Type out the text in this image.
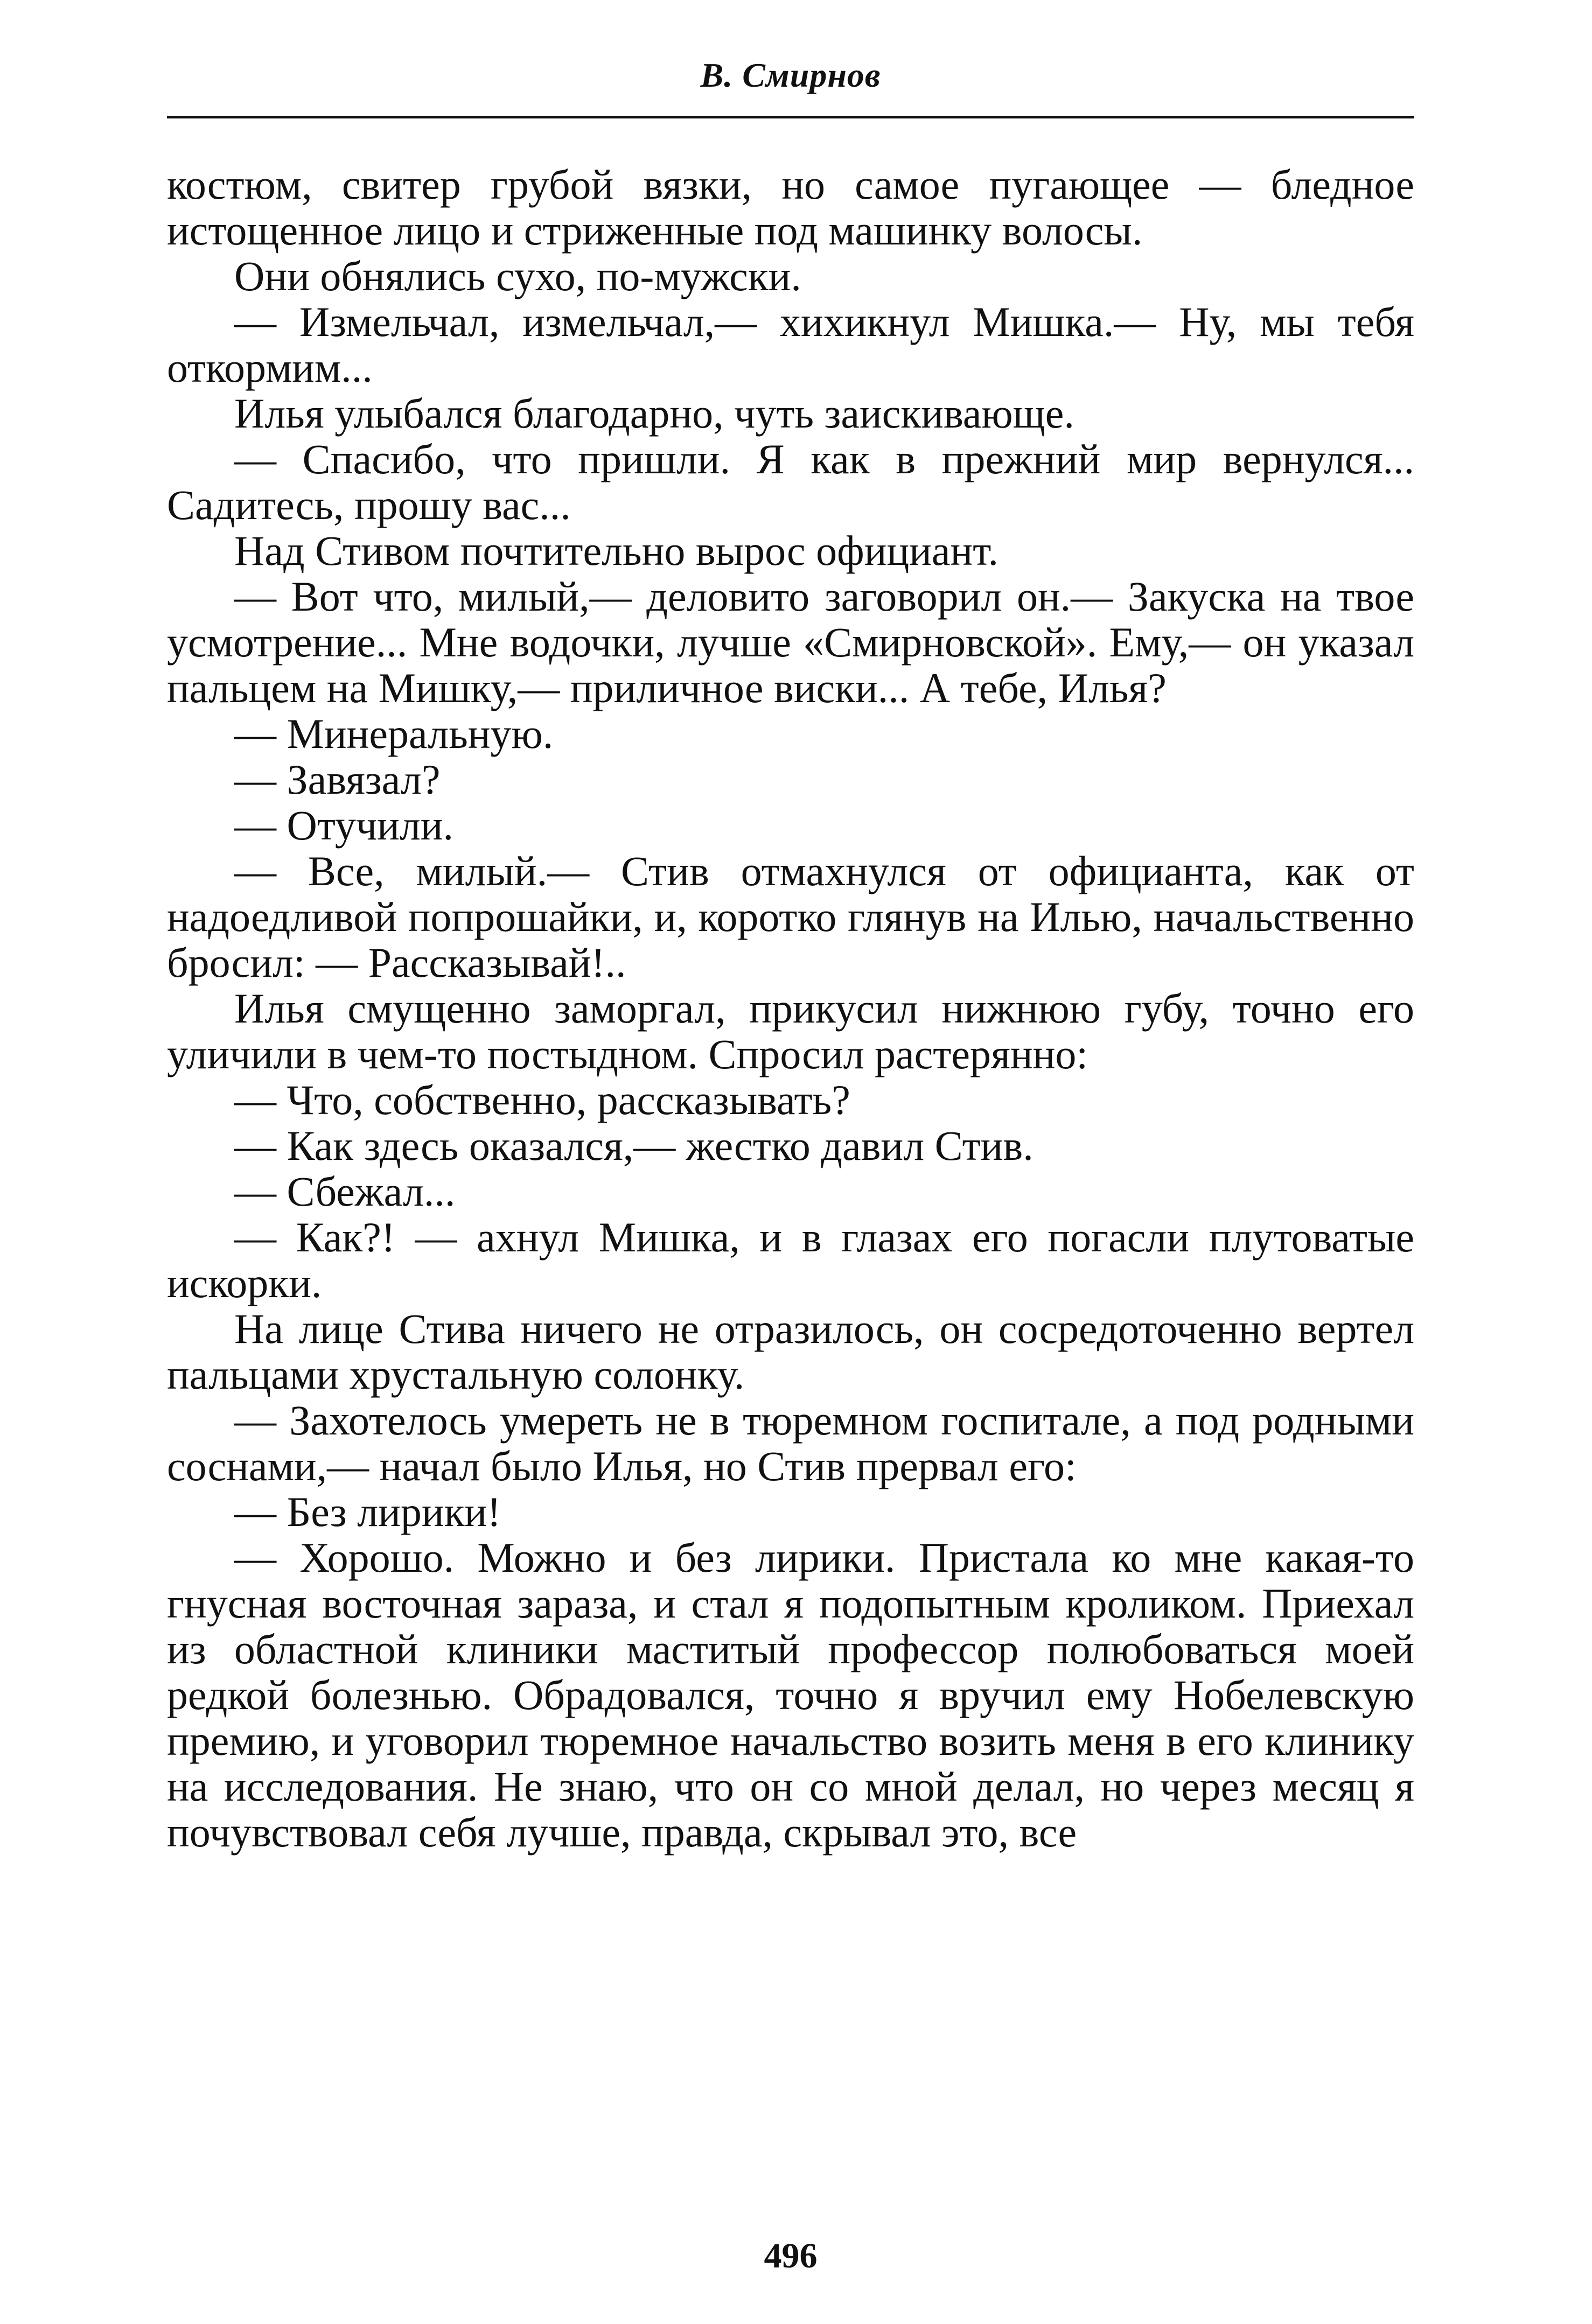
В. Смирнов

костюм, свитер грубой вязки, но самое пугающее — бледное истощенное лицо и стриженные под машинку волосы.

Они обнялись сухо, по-мужски.

— Измельчал, измельчал,— хихикнул Мишка.— Ну, мы тебя откормим...

Илья улыбался благодарно, чуть заискивающе.

— Спасибо, что пришли. Я как в прежний мир вернулся... Садитесь, прошу вас...

Над Стивом почтительно вырос официант.

— Вот что, милый,— деловито заговорил он.— Закуска на твое усмотрение... Мне водочки, лучше «Смирновской». Ему,— он указал пальцем на Мишку,— приличное виски... А тебе, Илья?

— Минеральную.

— Завязал?

— Отучили.

— Все, милый.— Стив отмахнулся от официанта, как от надоедливой попрошайки, и, коротко глянув на Илью, начальственно бросил: — Рассказывай!..

Илья смущенно заморгал, прикусил нижнюю губу, точно его уличили в чем-то постыдном. Спросил растерянно:

— Что, собственно, рассказывать?

— Как здесь оказался,— жестко давил Стив.

— Сбежал...

— Как?! — ахнул Мишка, и в глазах его погасли плутоватые искорки.

На лице Стива ничего не отразилось, он сосредоточенно вертел пальцами хрустальную солонку.

— Захотелось умереть не в тюремном госпитале, а под родными соснами,— начал было Илья, но Стив прервал его:

— Без лирики!

— Хорошо. Можно и без лирики. Пристала ко мне какая-то гнусная восточная зараза, и стал я подопытным кроликом. Приехал из областной клиники маститый профессор полюбоваться моей редкой болезнью. Обрадовался, точно я вручил ему Нобелевскую премию, и уговорил тюремное начальство возить меня в его клинику на исследования. Не знаю, что он со мной делал, но через месяц я почувствовал себя лучше, правда, скрывал это, все

496
